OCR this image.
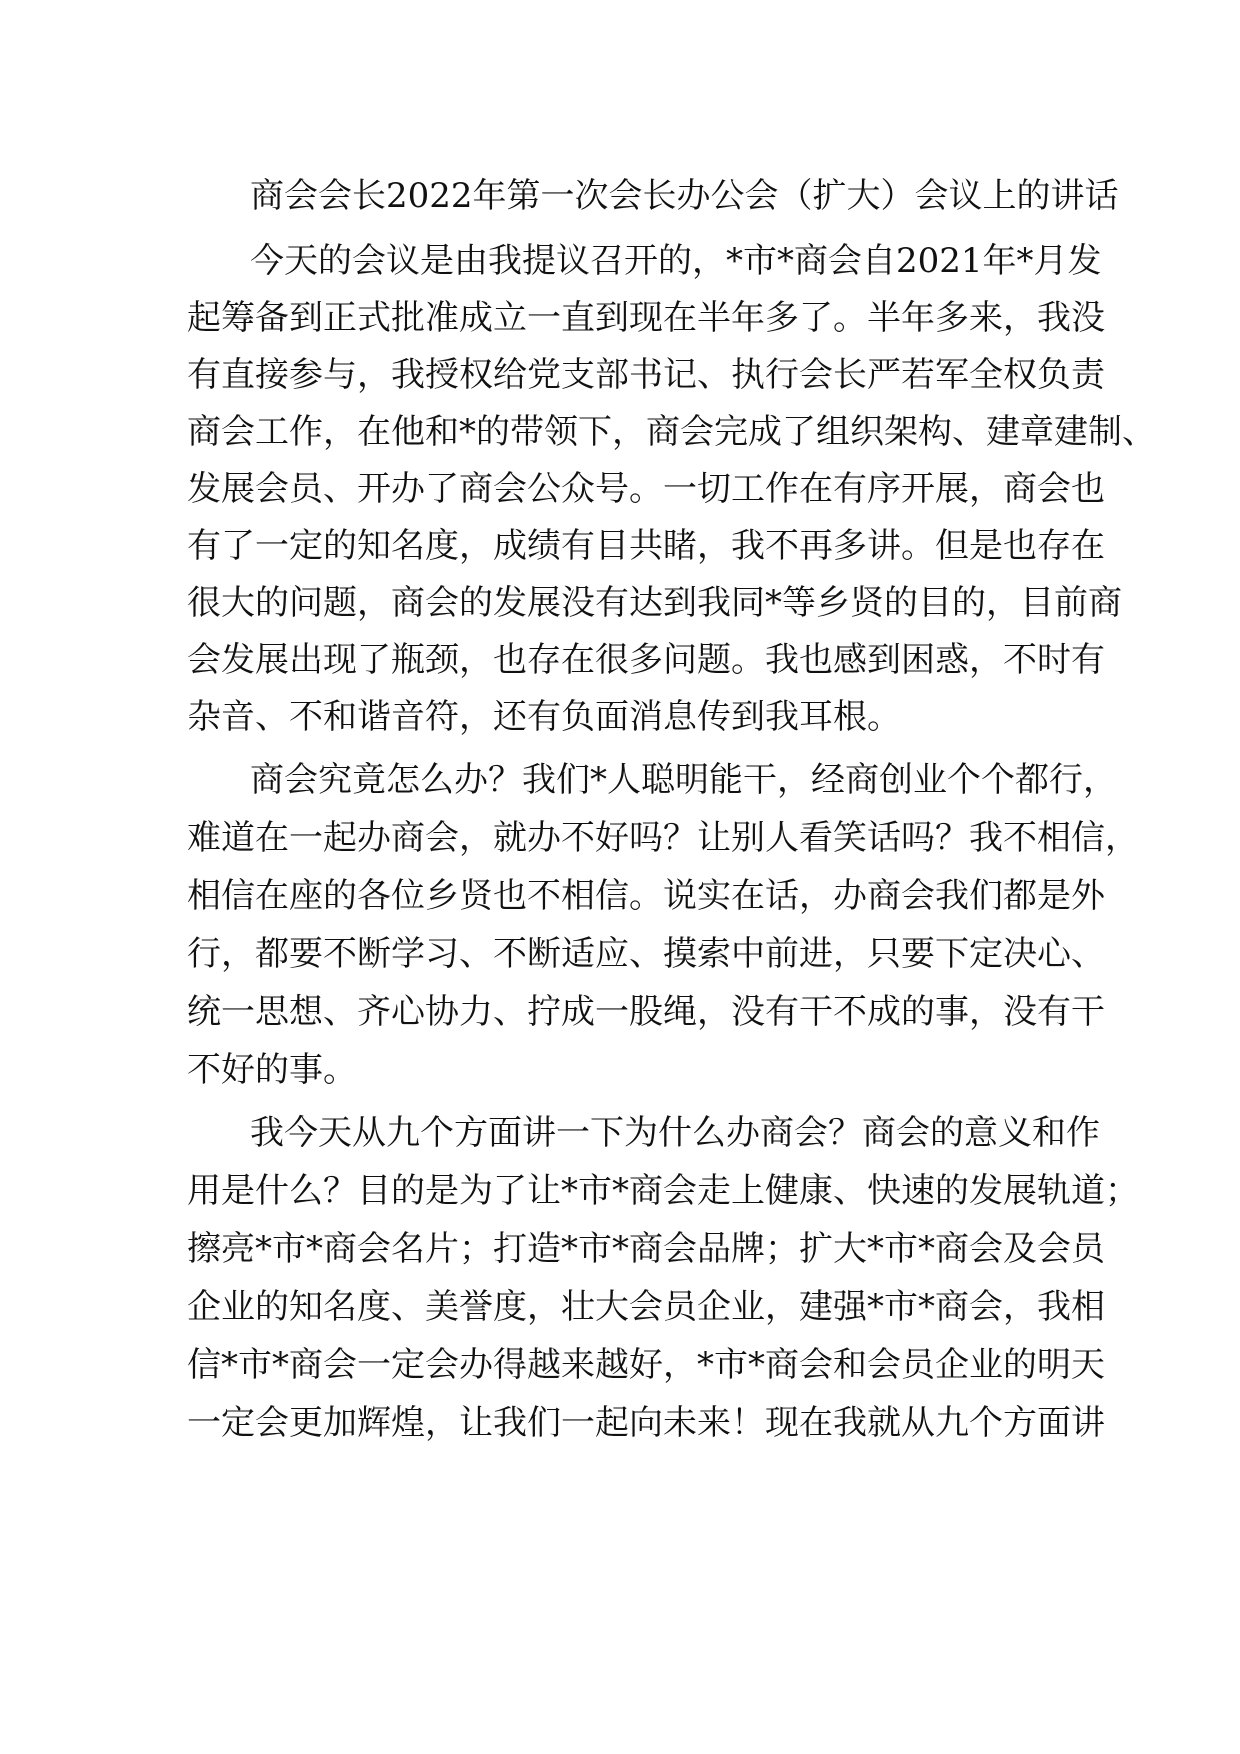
商会会长2022年第一次会长办公会（扩大）会议上的讲话
今天的会议是由我提议召开的，*市*商会自2021年*月发
起筹备到正式批准成立一直到现在半年多了。半年多来，我没
有直接参与，我授权给党支部书记、执行会长严若军全权负责
商会工作，在他和*的带领下，商会完成了组织架构、建章建制、
发展会员、开办了商会公众号。一切工作在有序开展，商会也
有了一定的知名度，成绩有目共睹，我不再多讲。但是也存在
很大的问题，商会的发展没有达到我同*等乡贤的目的，目前商
会发展出现了瓶颈，也存在很多问题。我也感到困惑，不时有
杂音、不和谐音符，还有负面消息传到我耳根。
商会究竟怎么办？我们*人聪明能干，经商创业个个都行，
难道在一起办商会，就办不好吗？让别人看笑话吗？我不相信，
相信在座的各位乡贤也不相信。说实在话，办商会我们都是外
行，都要不断学习、不断适应、摸索中前进，只要下定决心、
统一思想、齐心协力、拧成一股绳，没有干不成的事，没有干
不好的事。
我今天从九个方面讲一下为什么办商会？商会的意义和作
用是什么？目的是为了让*市*商会走上健康、快速的发展轨道；
擦亮*市*商会名片；打造*市*商会品牌；扩大*市*商会及会员
企业的知名度、美誉度，壮大会员企业，建强*市*商会，我相
信*市*商会一定会办得越来越好，*市*商会和会员企业的明天
一定会更加辉煌，让我们一起向未来！现在我就从九个方面讲
